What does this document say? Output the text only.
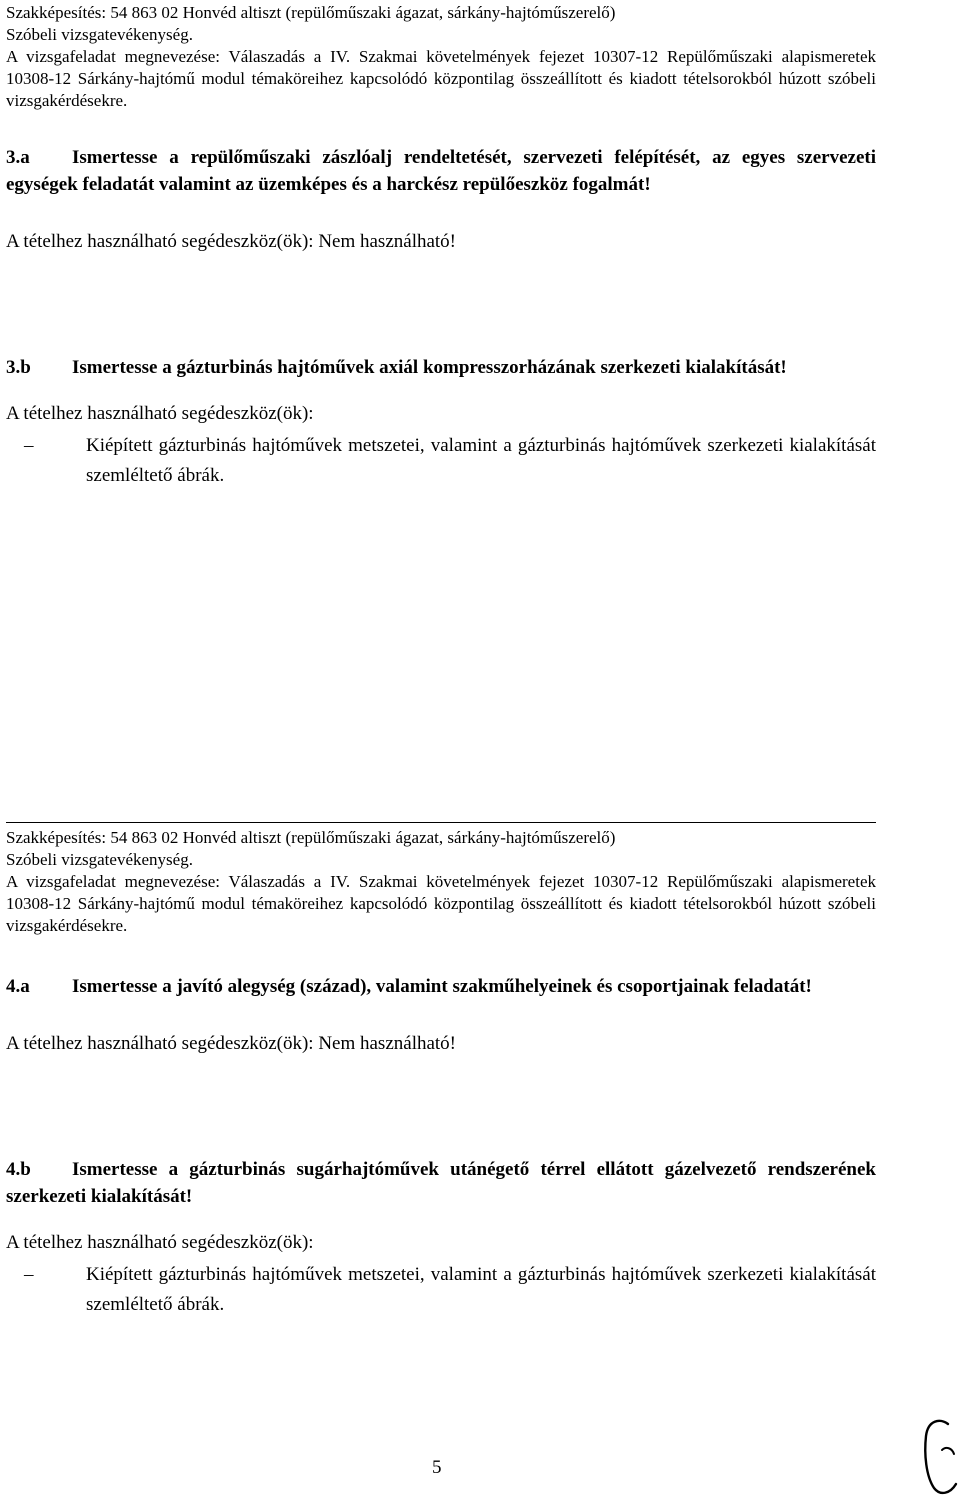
Szakképesítés: 54 863 02 Honvéd altiszt (repülőműszaki ágazat, sárkány-hajtóműszerelő)

Szóbeli vizsgatevékenység.

A vizsgafeladat megnevezése: Válaszadás a IV. Szakmai követelmények fejezet 10307-12 Repülőműszaki alapismeretek 10308-12 Sárkány-hajtómű modul témaköreihez kapcsolódó központilag összeállított és kiadott tételsorokból húzott szóbeli vizsgakérdésekre.

3.a Ismertesse a repülőműszaki zászlóalj rendeltetését, szervezeti felépítését, az egyes szervezeti egységek feladatát valamint az üzemképes és a harckész repülőeszköz fogalmát!

A tételhez használható segédeszköz(ök): Nem használható!

3.b Ismertesse a gázturbinás hajtóművek axiál kompresszorházának szerkezeti kialakítását!

A tételhez használható segédeszköz(ök):

–	Kiépített gázturbinás hajtóművek metszetei, valamint a gázturbinás hajtóművek szerkezeti kialakítását szemléltető ábrák.

Szakképesítés: 54 863 02 Honvéd altiszt (repülőműszaki ágazat, sárkány-hajtóműszerelő)

Szóbeli vizsgatevékenység.

A vizsgafeladat megnevezése: Válaszadás a IV. Szakmai követelmények fejezet 10307-12 Repülőműszaki alapismeretek 10308-12 Sárkány-hajtómű modul témaköreihez kapcsolódó központilag összeállított és kiadott tételsorokból húzott szóbeli vizsgakérdésekre.

4.a Ismertesse a javító alegység (század), valamint szakműhelyeinek és csoportjainak feladatát!

A tételhez használható segédeszköz(ök): Nem használható!

4.b Ismertesse a gázturbinás sugárhajtóművek utánégető térrel ellátott gázelvezető rendszerének szerkezeti kialakítását!

A tételhez használható segédeszköz(ök):

–	Kiépített gázturbinás hajtóművek metszetei, valamint a gázturbinás hajtóművek szerkezeti kialakítását szemléltető ábrák.
5
